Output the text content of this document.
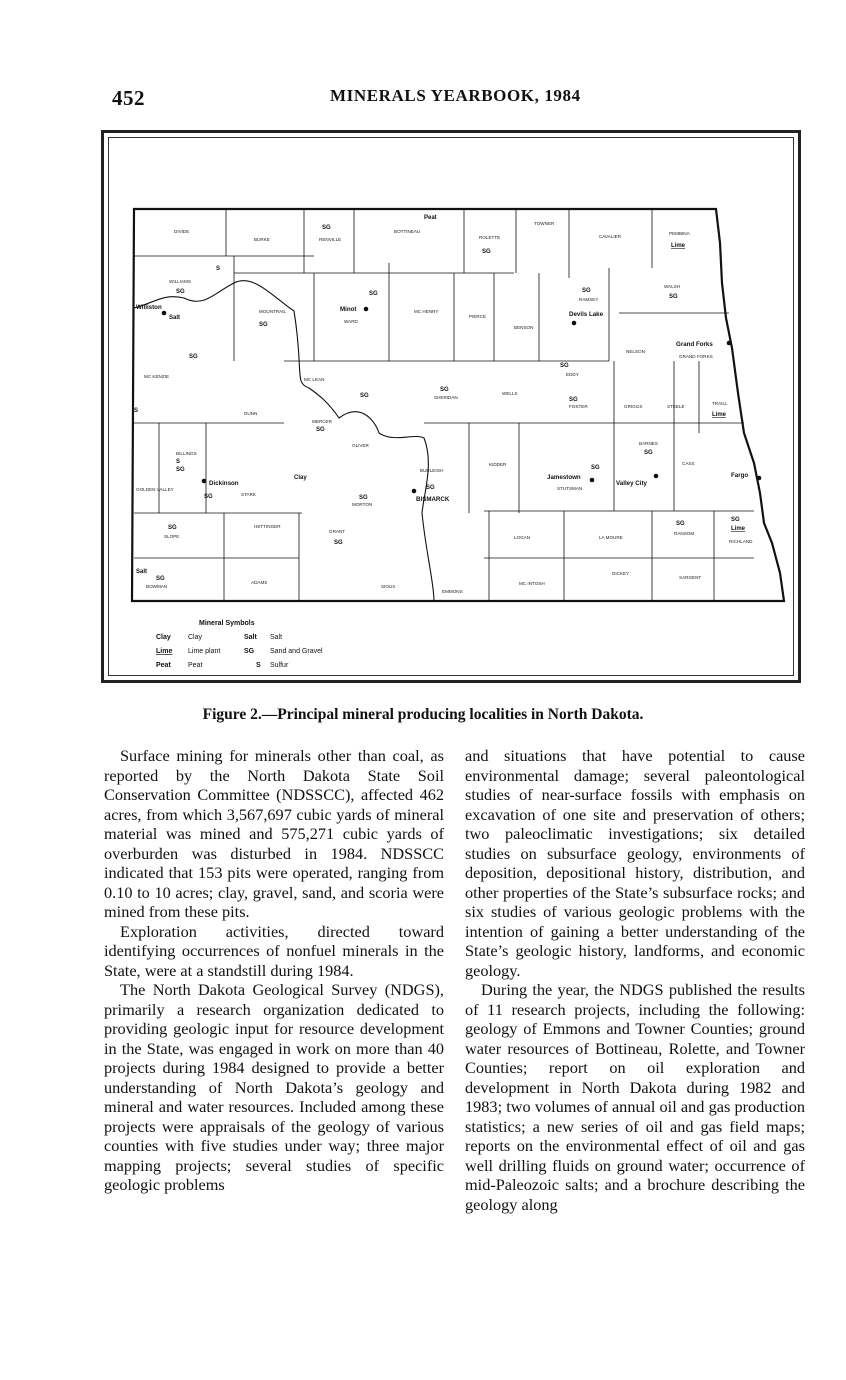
452	MINERALS YEARBOOK, 1984
DIVIDE
BURKE	RENVILLE
BOTTINEAU
ROLETTE
TOWNER
CAVALIER
PEMBINA
WILLIAMS
MOUNTRAIL
WARD
MC HENRY
PIERCE
BENSON
RAMSEY
WALSH
NELSON
GRAND FORKS
MC KENZIE
MC LEAN
DUNN
SHERIDAN
WELLS
EDDY
FOSTER	GRIGGS	STEELE
TRAILL
MERCER
OLIVER
BILLINGS
GOLDEN VALLEY
STARK
MORTON
BURLEIGH
KIDDER
STUTSMAN
BARNES
CASS
SLOPE
HETTINGER
GRANT
LOGAN	LA MOURE
RANSOM
RICHLAND
BOWMAN
ADAMS
SIOUX
EMMONS
MC INTOSH
DICKEY
SARGENT
SG
Peat
SG
Lime
S
SG
Salt
SG
SG	SG
SG
SG
S
SG
SG
SG
SG
Lime
SG
S
SG
Clay
SG	SG
SG
SG
SG
SG
SG
SG
SG
Lime
Salt
SG
Williston	Minot
Devils Lake
Grand Forks
Dickinson
BISMARCK
Jamestown
Valley City
Fargo
Mineral Symbols
Clay Clay	Salt Salt
Lime Lime plant	SG Sand and Gravel
Peat Peat	S Sulfur
Figure 2.—Principal mineral producing localities in North Dakota.

Surface mining for minerals other than coal, as reported by the North Dakota State Soil Conservation Committee (NDSSCC), affected 462 acres, from which 3,567,697 cubic yards of mineral material was mined and 575,271 cubic yards of overburden was disturbed in 1984. NDSSCC indicated that 153 pits were operated, ranging from 0.10 to 10 acres; clay, gravel, sand, and scoria were mined from these pits.

Exploration activities, directed toward identifying occurrences of nonfuel minerals in the State, were at a standstill during 1984.

The North Dakota Geological Survey (NDGS), primarily a research organization dedicated to providing geologic input for resource development in the State, was engaged in work on more than 40 projects during 1984 designed to provide a better understanding of North Dakota’s geology and mineral and water resources. Included among these projects were appraisals of the geology of various counties with five studies under way; three major mapping projects; several studies of specific geologic problems

and situations that have potential to cause environmental damage; several paleontological studies of near-surface fossils with emphasis on excavation of one site and preservation of others; two paleoclimatic investigations; six detailed studies on subsurface geology, environments of deposition, depositional history, distribution, and other properties of the State’s subsurface rocks; and six studies of various geologic problems with the intention of gaining a better understanding of the State’s geologic history, landforms, and economic geology.

During the year, the NDGS published the results of 11 research projects, including the following: geology of Emmons and Towner Counties; ground water resources of Bottineau, Rolette, and Towner Counties; report on oil exploration and development in North Dakota during 1982 and 1983; two volumes of annual oil and gas production statistics; a new series of oil and gas field maps; reports on the environmental effect of oil and gas well drilling fluids on ground water; occurrence of mid-Paleozoic salts; and a brochure describing the geology along
